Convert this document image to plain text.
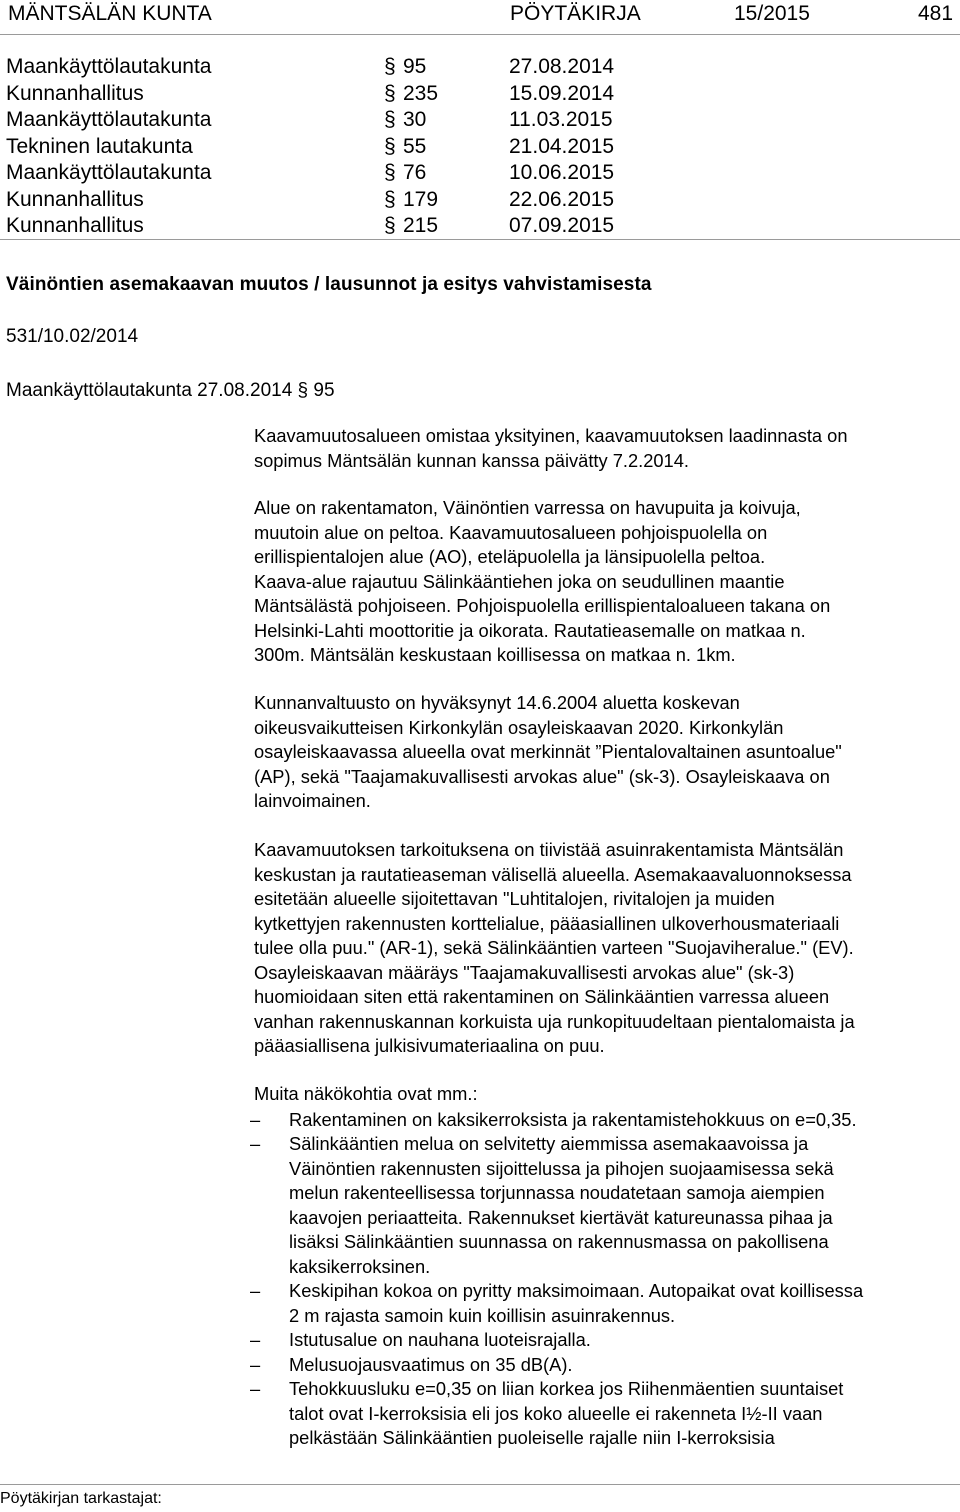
MÄNTSÄLÄN KUNTA	PÖYTÄKIRJA	15/2015	481
Maankäyttölautakunta	§ 95	27.08.2014
Kunnanhallitus	§ 235	15.09.2014
Maankäyttölautakunta	§ 30	11.03.2015
Tekninen lautakunta	§ 55	21.04.2015
Maankäyttölautakunta	§ 76	10.06.2015
Kunnanhallitus	§ 179	22.06.2015
Kunnanhallitus	§ 215	07.09.2015
Väinöntien asemakaavan muutos / lausunnot ja esitys vahvistamisesta
531/10.02/2014
Maankäyttölautakunta 27.08.2014 § 95
Kaavamuutosalueen omistaa yksityinen, kaavamuutoksen laadinnasta on
sopimus Mäntsälän kunnan kanssa päivätty 7.2.2014.
Alue on rakentamaton, Väinöntien varressa on havupuita ja koivuja,
muutoin alue on peltoa. Kaavamuutosalueen pohjoispuolella on
erillispientalojen alue (AO), eteläpuolella ja länsipuolella peltoa.
Kaava-alue rajautuu Sälinkääntiehen joka on seudullinen maantie
Mäntsälästä pohjoiseen. Pohjoispuolella erillispientaloalueen takana on
Helsinki-Lahti moottoritie ja oikorata. Rautatieasemalle on matkaa n.
300m. Mäntsälän keskustaan koillisessa on matkaa n. 1km.
Kunnanvaltuusto on hyväksynyt 14.6.2004 aluetta koskevan
oikeusvaikutteisen Kirkonkylän osayleiskaavan 2020. Kirkonkylän
osayleiskaavassa alueella ovat merkinnät ”Pientalovaltainen asuntoalue"
(AP), sekä "Taajamakuvallisesti arvokas alue" (sk-3). Osayleiskaava on
lainvoimainen.
Kaavamuutoksen tarkoituksena on tiivistää asuinrakentamista Mäntsälän
keskustan ja rautatieaseman välisellä alueella. Asemakaavaluonnoksessa
esitetään alueelle sijoitettavan "Luhtitalojen, rivitalojen ja muiden
kytkettyjen rakennusten korttelialue, pääasiallinen ulkoverhousmateriaali
tulee olla puu." (AR-1), sekä Sälinkääntien varteen "Suojaviheralue." (EV).
Osayleiskaavan määräys "Taajamakuvallisesti arvokas alue" (sk-3)
huomioidaan siten että rakentaminen on Sälinkääntien varressa alueen
vanhan rakennuskannan korkuista uja runkopituudeltaan pientalomaista ja
pääasiallisena julkisivumateriaalina on puu.
Muita näkökohtia ovat mm.:
– Rakentaminen on kaksikerroksista ja rakentamistehokkuus on e=0,35.
– Sälinkääntien melua on selvitetty aiemmissa asemakaavoissa ja
Väinöntien rakennusten sijoittelussa ja pihojen suojaamisessa sekä
melun rakenteellisessa torjunnassa noudatetaan samoja aiempien
kaavojen periaatteita. Rakennukset kiertävät katureunassa pihaa ja
lisäksi Sälinkääntien suunnassa on rakennusmassa on pakollisena
kaksikerroksinen.
– Keskipihan kokoa on pyritty maksimoimaan. Autopaikat ovat koillisessa
2 m rajasta samoin kuin koillisin asuinrakennus.
– Istutusalue on nauhana luoteisrajalla.
– Melusuojausvaatimus on 35 dB(A).
– Tehokkuusluku e=0,35 on liian korkea jos Riihenmäentien suuntaiset
talot ovat I-kerroksisia eli jos koko alueelle ei rakenneta I½-II vaan
pelkästään Sälinkääntien puoleiselle rajalle niin I-kerroksisia
Pöytäkirjan tarkastajat:
